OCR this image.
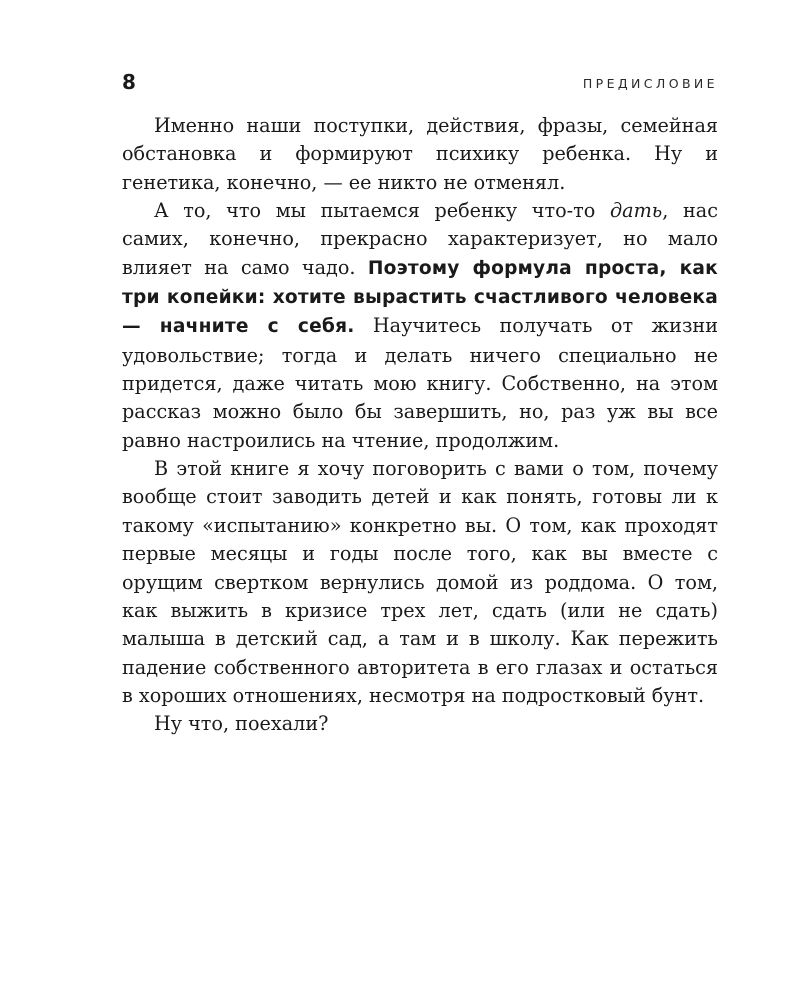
8	ПРЕДИСЛОВИЕ

Именно наши поступки, действия, фразы, семейная обстановка и формируют психику ребенка. Ну и генетика, конечно, — ее никто не отменял.

А то, что мы пытаемся ребенку что-то дать, нас самих, конечно, прекрасно характеризует, но мало влияет на само чадо. Поэтому формула проста, как три копейки: хотите вырастить счастливого человека — начните с себя. Научитесь получать от жизни удовольствие; тогда и делать ничего специально не придется, даже читать мою книгу. Собственно, на этом рассказ можно было бы завершить, но, раз уж вы все равно настроились на чтение, продолжим.

В этой книге я хочу поговорить с вами о том, почему вообще стоит заводить детей и как понять, готовы ли к такому «испытанию» конкретно вы. О том, как проходят первые месяцы и годы после того, как вы вместе с орущим свертком вернулись домой из роддома. О том, как выжить в кризисе трех лет, сдать (или не сдать) малыша в детский сад, а там и в школу. Как пережить падение собственного авторитета в его глазах и остаться в хороших отношениях, несмотря на подростковый бунт.

Ну что, поехали?
